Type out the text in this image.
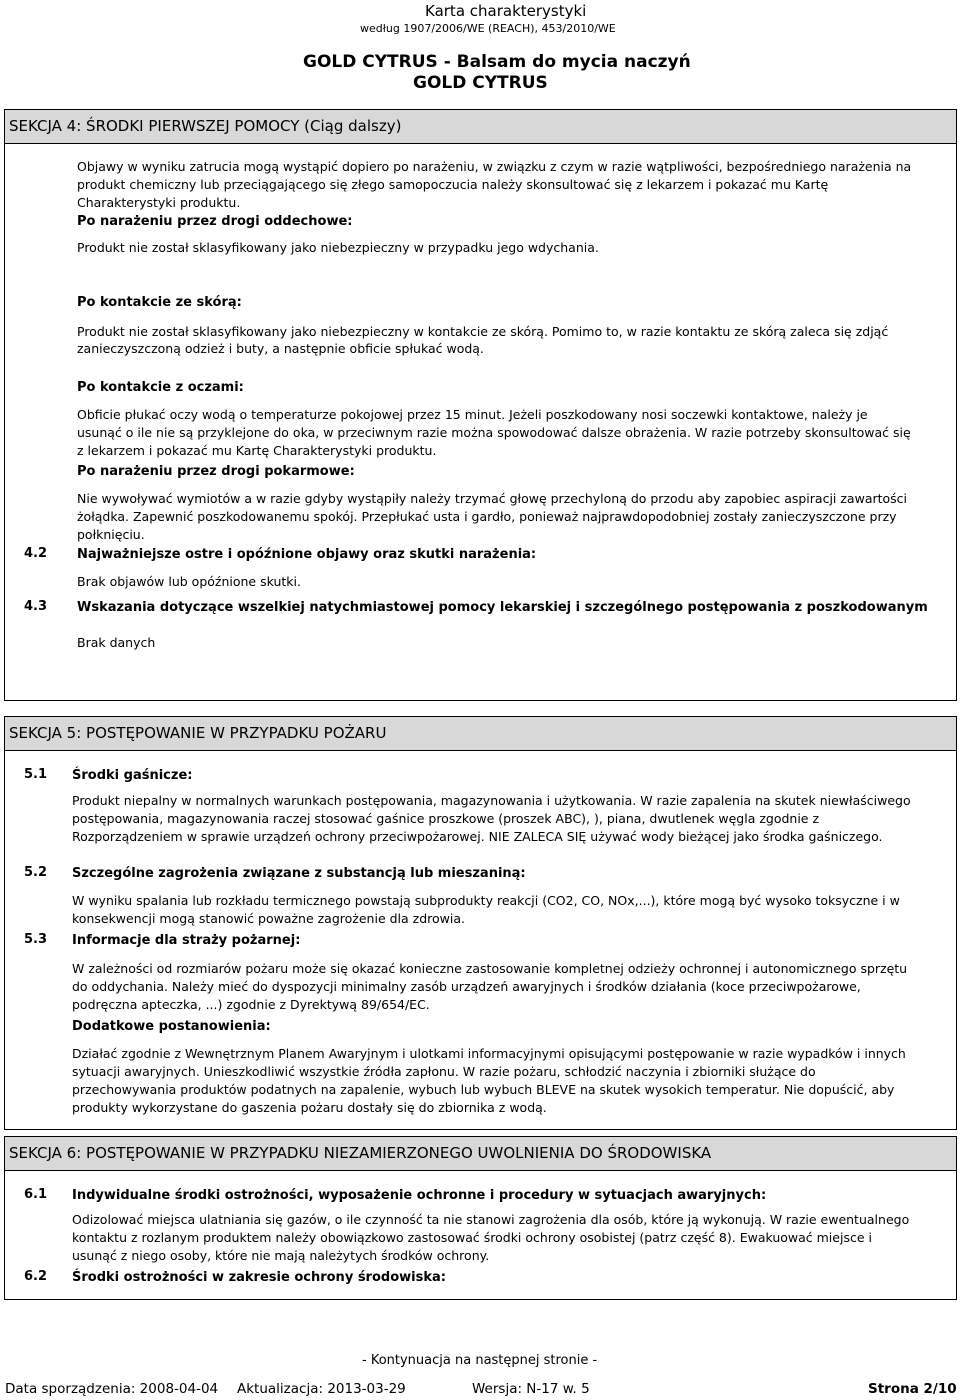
Karta charakterystyki
według 1907/2006/WE (REACH), 453/2010/WE
GOLD CYTRUS - Balsam do mycia naczyń
GOLD CYTRUS
SEKCJA 4: ŚRODKI PIERWSZEJ POMOCY (Ciąg dalszy)
Objawy w wyniku zatrucia mogą wystąpić dopiero po narażeniu, w związku z czym w razie wątpliwości, bezpośredniego narażenia na
produkt chemiczny lub przeciągającego się złego samopoczucia należy skonsultować się z lekarzem i pokazać mu Kartę
Charakterystyki produktu.
Po narażeniu przez drogi oddechowe:
Produkt nie został sklasyfikowany jako niebezpieczny w przypadku jego wdychania.
Po kontakcie ze skórą:
Produkt nie został sklasyfikowany jako niebezpieczny w kontakcie ze skórą. Pomimo to, w razie kontaktu ze skórą zaleca się zdjąć
zanieczyszczoną odzież i buty, a następnie obficie spłukać wodą.
Po kontakcie z oczami:
Obficie płukać oczy wodą o temperaturze pokojowej przez 15 minut. Jeżeli poszkodowany nosi soczewki kontaktowe, należy je
usunąć o ile nie są przyklejone do oka, w przeciwnym razie można spowodować dalsze obrażenia. W razie potrzeby skonsultować się
z lekarzem i pokazać mu Kartę Charakterystyki produktu.
Po narażeniu przez drogi pokarmowe:
Nie wywoływać wymiotów a w razie gdyby wystąpiły należy trzymać głowę przechyloną do przodu aby zapobiec aspiracji zawartości
żołądka. Zapewnić poszkodowanemu spokój. Przepłukać usta i gardło, ponieważ najprawdopodobniej zostały zanieczyszczone przy
połknięciu.
4.2 Najważniejsze ostre i opóźnione objawy oraz skutki narażenia:
Brak objawów lub opóźnione skutki.
4.3 Wskazania dotyczące wszelkiej natychmiastowej pomocy lekarskiej i szczególnego postępowania z poszkodowanym
Brak danych
SEKCJA 5: POSTĘPOWANIE W PRZYPADKU POŻARU
5.1 Środki gaśnicze:
Produkt niepalny w normalnych warunkach postępowania, magazynowania i użytkowania. W razie zapalenia na skutek niewłaściwego
postępowania, magazynowania raczej stosować gaśnice proszkowe (proszek ABC), ), piana, dwutlenek węgla zgodnie z
Rozporządzeniem w sprawie urządzeń ochrony przeciwpożarowej. NIE ZALECA SIĘ używać wody bieżącej jako środka gaśniczego.
5.2 Szczególne zagrożenia związane z substancją lub mieszaniną:
W wyniku spalania lub rozkładu termicznego powstają subprodukty reakcji (CO2, CO, NOx,...), które mogą być wysoko toksyczne i w
konsekwencji mogą stanowić poważne zagrożenie dla zdrowia.
5.3 Informacje dla straży pożarnej:
W zależności od rozmiarów pożaru może się okazać konieczne zastosowanie kompletnej odzieży ochronnej i autonomicznego sprzętu
do oddychania. Należy mieć do dyspozycji minimalny zasób urządzeń awaryjnych i środków działania (koce przeciwpożarowe,
podręczna apteczka, ...) zgodnie z Dyrektywą 89/654/EC.
Dodatkowe postanowienia:
Działać zgodnie z Wewnętrznym Planem Awaryjnym i ulotkami informacyjnymi opisującymi postępowanie w razie wypadków i innych
sytuacji awaryjnych. Unieszkodliwić wszystkie źródła zapłonu. W razie pożaru, schłodzić naczynia i zbiorniki służące do
przechowywania produktów podatnych na zapalenie, wybuch lub wybuch BLEVE na skutek wysokich temperatur. Nie dopuścić, aby
produkty wykorzystane do gaszenia pożaru dostały się do zbiornika z wodą.
SEKCJA 6: POSTĘPOWANIE W PRZYPADKU NIEZAMIERZONEGO UWOLNIENIA DO ŚRODOWISKA
6.1 Indywidualne środki ostrożności, wyposażenie ochronne i procedury w sytuacjach awaryjnych:
Odizolować miejsca ulatniania się gazów, o ile czynność ta nie stanowi zagrożenia dla osób, które ją wykonują. W razie ewentualnego
kontaktu z rozlanym produktem należy obowiązkowo zastosować środki ochrony osobistej (patrz część 8). Ewakuować miejsce i
usunąć z niego osoby, które nie mają należytych środków ochrony.
6.2 Środki ostrożności w zakresie ochrony środowiska:
- Kontynuacja na następnej stronie -
Data sporządzenia: 2008-04-04 Aktualizacja: 2013-03-29	Wersja: N-17 w. 5	Strona 2/10
